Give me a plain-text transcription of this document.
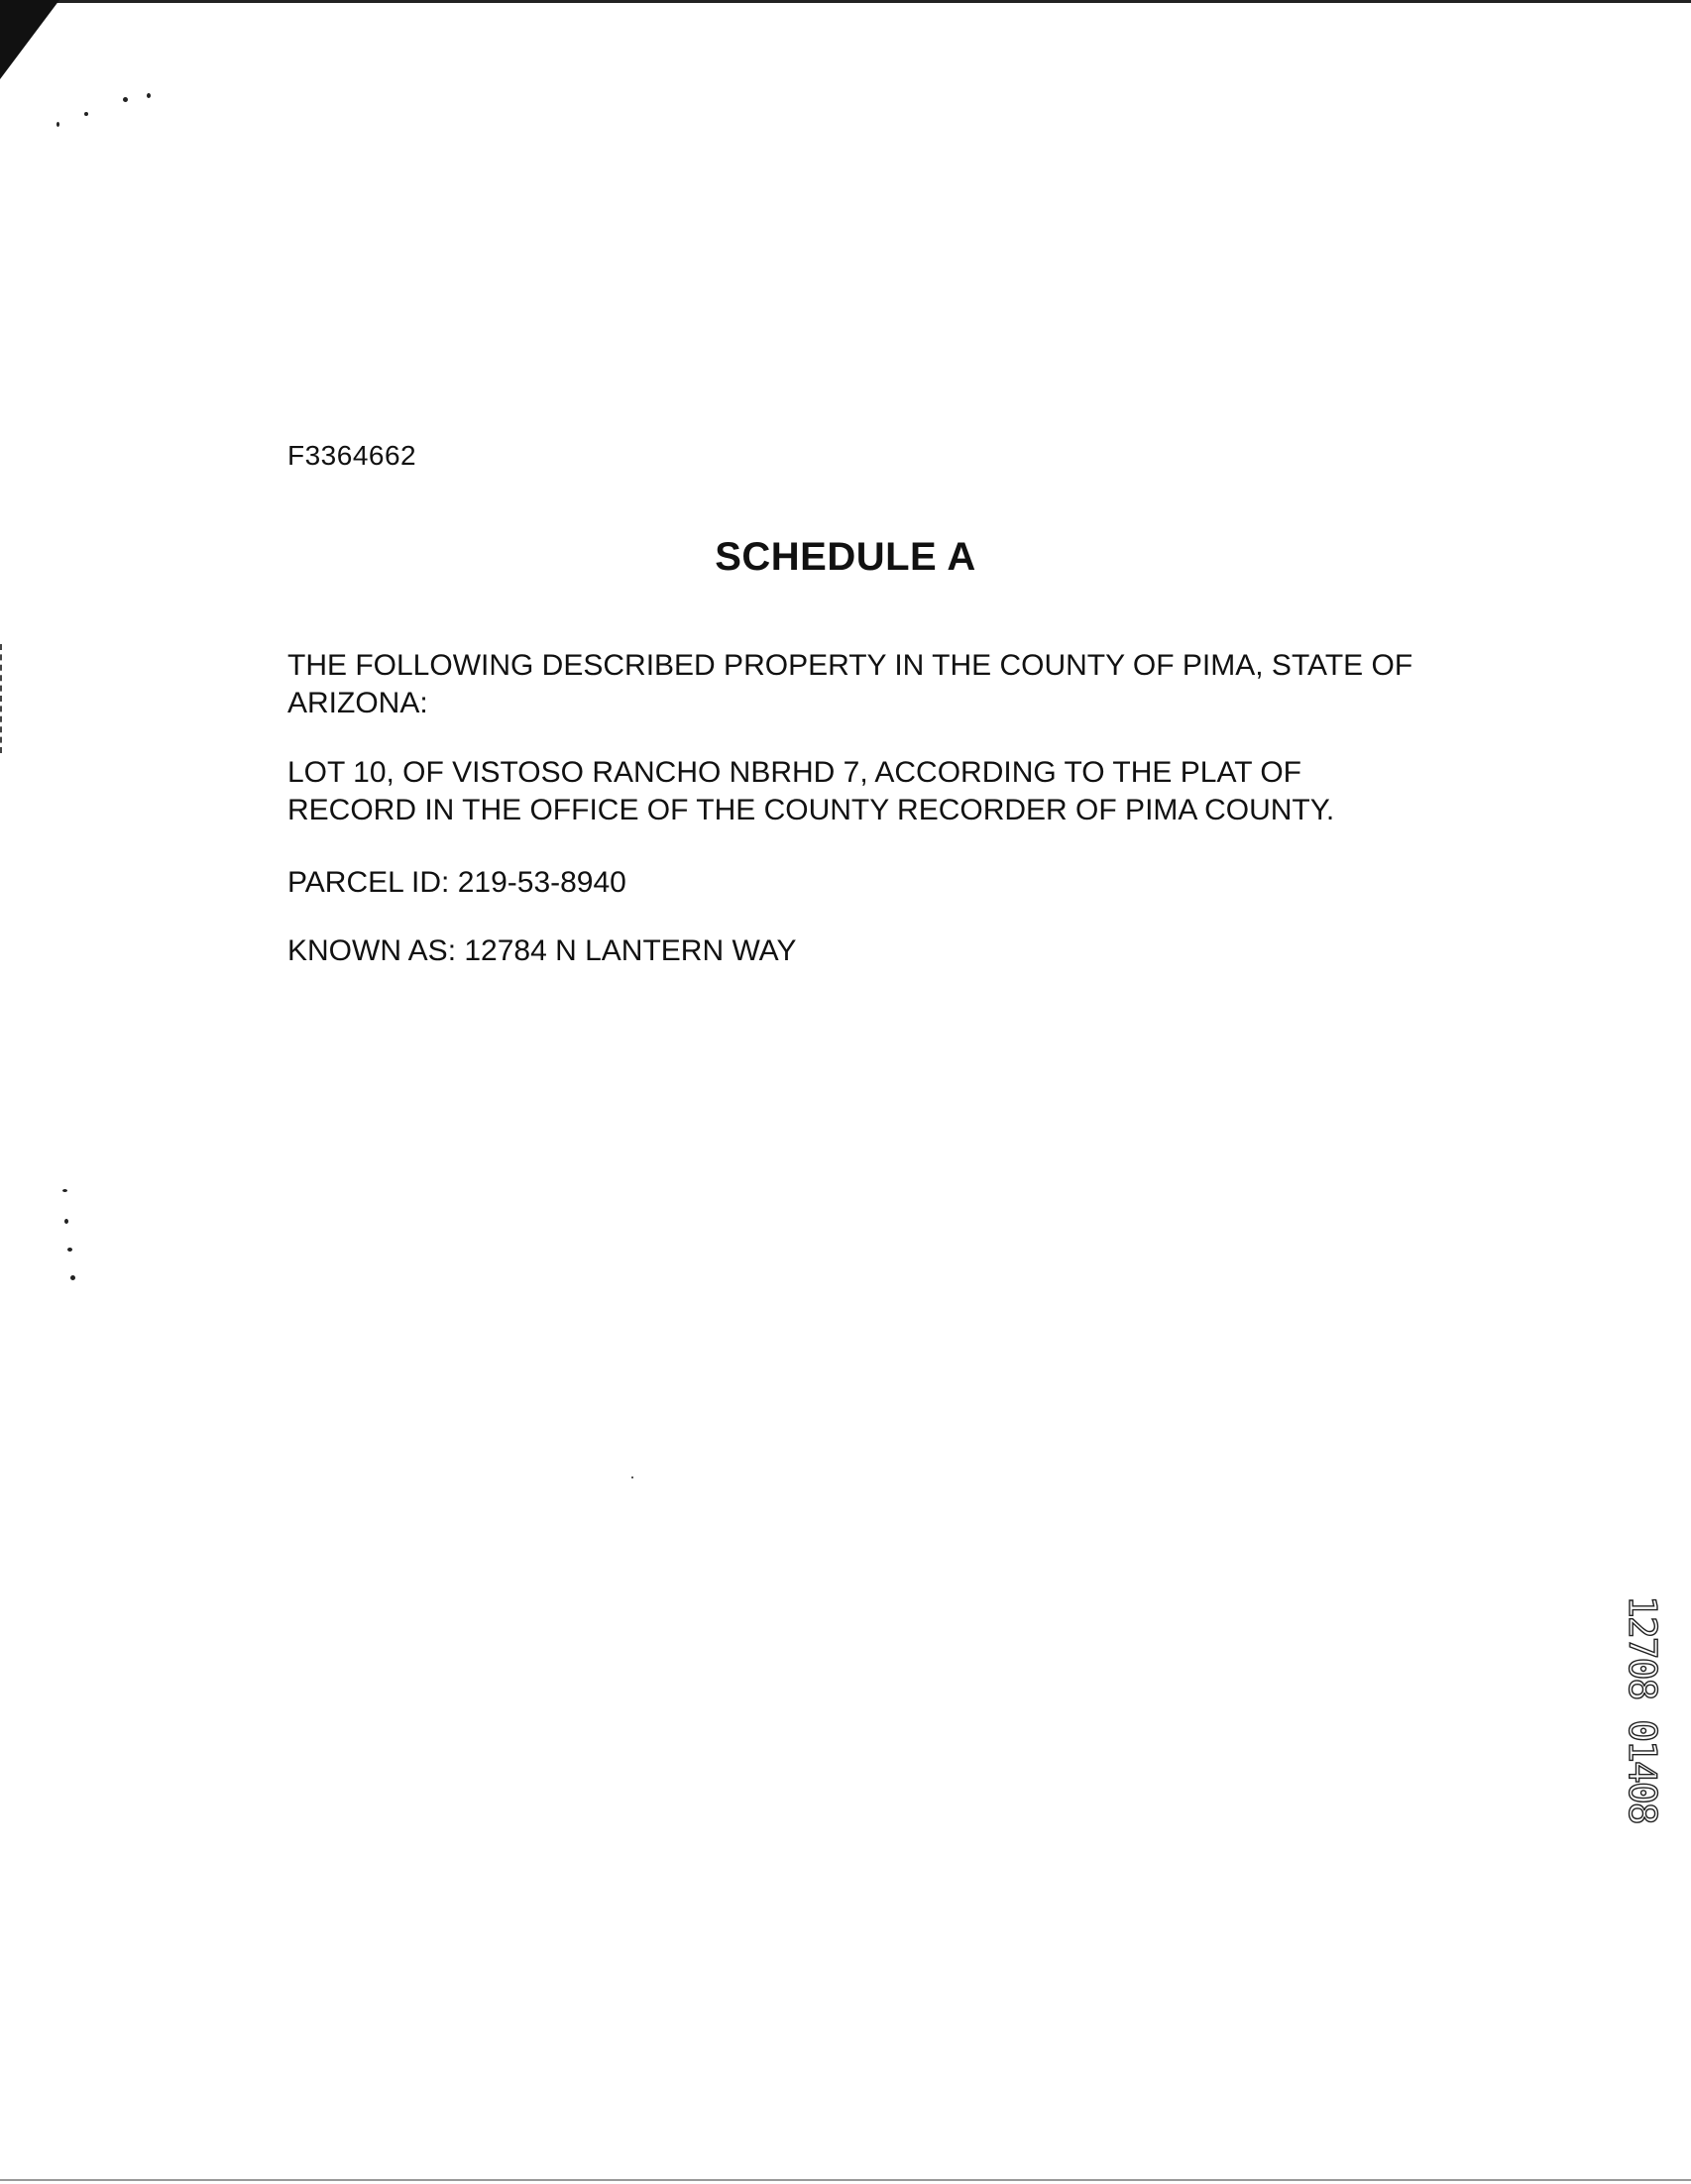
F3364662
SCHEDULE A

THE FOLLOWING DESCRIBED PROPERTY IN THE COUNTY OF PIMA, STATE OF ARIZONA:

LOT 10, OF VISTOSO RANCHO NBRHD 7, ACCORDING TO THE PLAT OF RECORD IN THE OFFICE OF THE COUNTY RECORDER OF PIMA COUNTY.

PARCEL ID: 219-53-8940

KNOWN AS: 12784 N LANTERN WAY

12708 01408
